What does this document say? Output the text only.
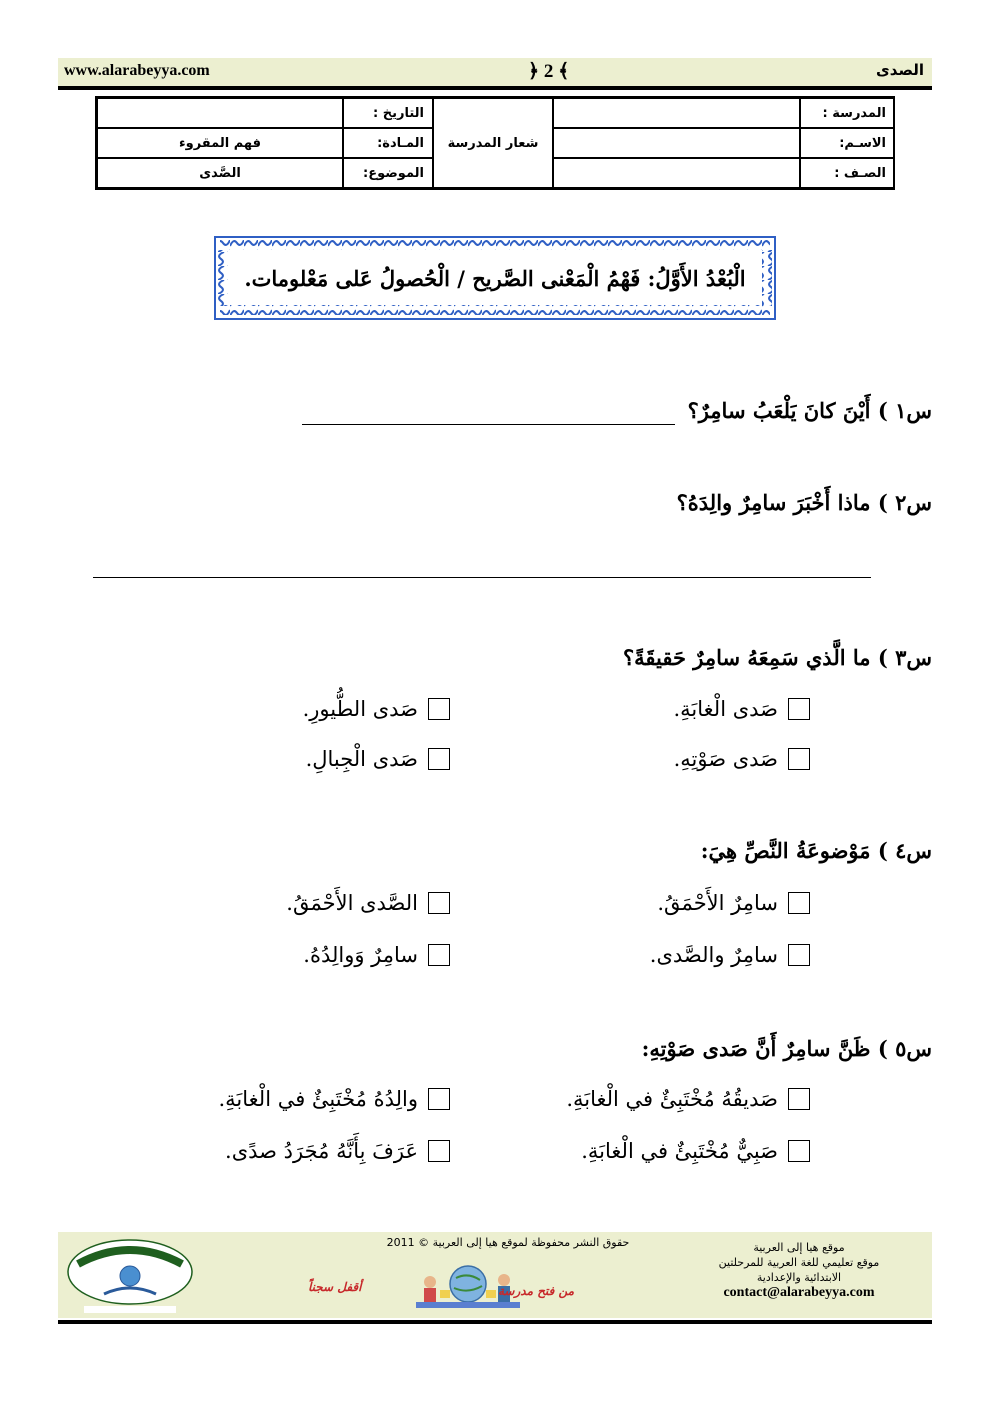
www.alarabeyya.com	﴿ 2 ﴾	الصدى
المدرسة :
الاسـم:
الصـف :
شعار المدرسة
التاريخ :
المـادة:
فهم المقروء
الموضوع:
الصَّدى
الْبُعْدُ الأَوَّلُ: فَهْمُ الْمَعْنى الصَّريح / الْحُصولُ عَلى مَعْلومات.
س١ ) أَيْنَ كانَ يَلْعَبُ سامِرٌ؟
س٢ ) ماذا أَخْبَرَ سامِرٌ والِدَهُ؟
س٣ ) ما الَّذي سَمِعَهُ سامِرٌ حَقيقَةً؟
صَدى الْغابَةِ.
صَدى الطُّيورِ.
صَدى صَوْتِهِ.
صَدى الْجِبالِ.
س٤ ) مَوْضوعَةُ النَّصِّ هِيَ:
سامِرٌ الأَحْمَقُ.
الصَّدى الأَحْمَقُ.
سامِرٌ والصَّدى.
سامِرٌ وَوالِدُهُ.
س٥ ) ظَنَّ سامِرٌ أَنَّ صَدى صَوْتِهِ:
صَديقُهُ مُخْتَبِئٌ في الْغابَةِ.
والِدُهُ مُخْتَبِئٌ في الْغابَةِ.
صَبِيٌّ مُخْتَبِئٌ في الْغابَةِ.
عَرَفَ بِأَنَّهُ مُجَرَدُ صدًى.
موقع هيا إلى العربية
موقع تعليمي للغة العربية للمرحلتين
الابتدائية والإعدادية
contact@alarabeyya.com
حقوق النشر محفوظة لموقع هيا إلى العربية © 2011
من فتح مدرسة
أقفل سجناً
